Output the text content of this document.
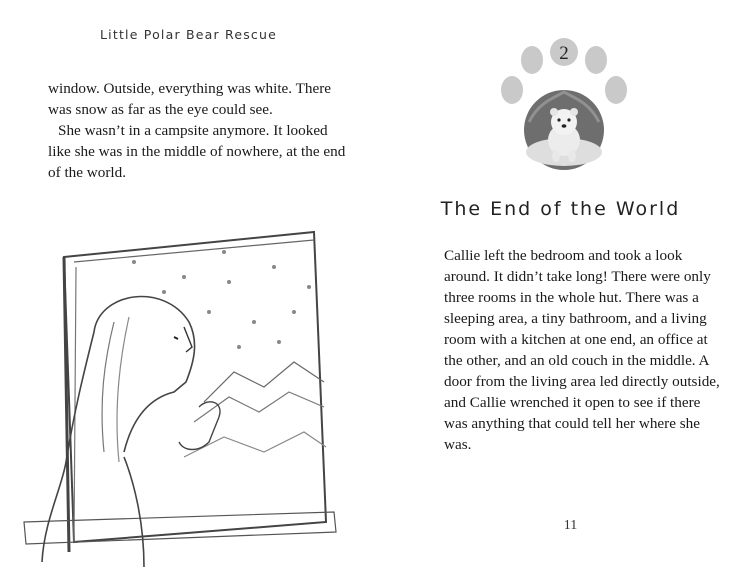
Little Polar Bear Rescue

window. Outside, everything was white. There was snow as far as the eye could see.

She wasn’t in a campsite anymore. It looked like she was in the middle of nowhere, at the end of the world.

2
The End of the World

Callie left the bedroom and took a look around. It didn’t take long! There were only three rooms in the whole hut. There was a sleeping area, a tiny bathroom, and a living room with a kitchen at one end, an office at the other, and an old couch in the middle. A door from the living area led directly outside, and Callie wrenched it open to see if there was anything that could tell her where she was.

11
